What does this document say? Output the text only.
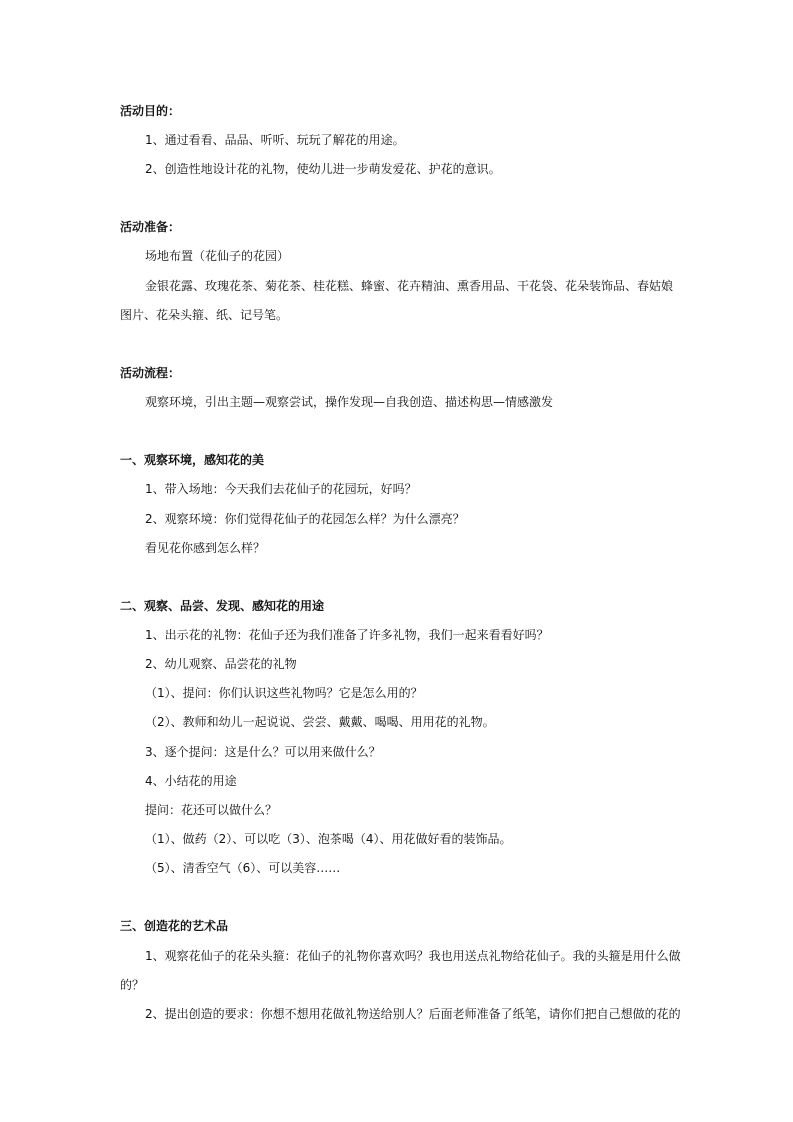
活动目的：
1、通过看看、品品、听听、玩玩了解花的用途。
2、创造性地设计花的礼物，使幼儿进一步萌发爱花、护花的意识。
活动准备：
场地布置（花仙子的花园）
金银花露、玫瑰花茶、菊花茶、桂花糕、蜂蜜、花卉精油、熏香用品、干花袋、花朵装饰品、春姑娘
图片、花朵头箍、纸、记号笔。
活动流程：
观察环境，引出主题—观察尝试，操作发现—自我创造、描述构思—情感激发
一、观察环境，感知花的美
1、带入场地：今天我们去花仙子的花园玩，好吗？
2、观察环境：你们觉得花仙子的花园怎么样？为什么漂亮？
看见花你感到怎么样？
二、观察、品尝、发现、感知花的用途
1、出示花的礼物：花仙子还为我们准备了许多礼物，我们一起来看看好吗？
2、幼儿观察、品尝花的礼物
（1）、提问：你们认识这些礼物吗？它是怎么用的？
（2）、教师和幼儿一起说说、尝尝、戴戴、喝喝、用用花的礼物。
3、逐个提问：这是什么？可以用来做什么？
4、小结花的用途
提问：花还可以做什么？
（1）、做药（2）、可以吃（3）、泡茶喝（4）、用花做好看的装饰品。
（5）、清香空气（6）、可以美容……
三、创造花的艺术品
1、观察花仙子的花朵头箍：花仙子的礼物你喜欢吗？我也用送点礼物给花仙子。我的头箍是用什么做
的？
2、提出创造的要求：你想不想用花做礼物送给别人？后面老师准备了纸笔，请你们把自己想做的花的
